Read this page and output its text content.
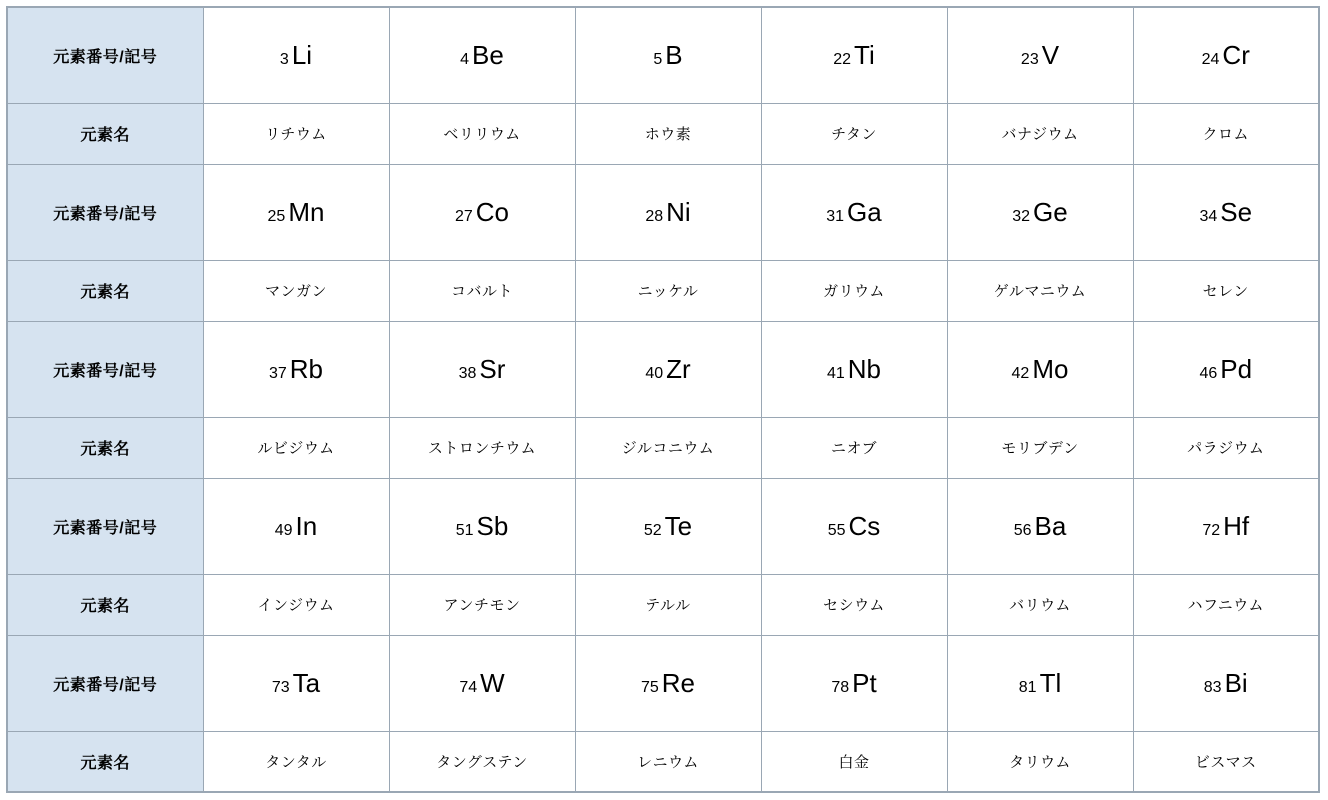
元素番号/記号	3 Li	4 Be	5 B	22 Ti	23 V	24 Cr
元素名	リチウム	ベリリウム	ホウ素	チタン	バナジウム	クロム
元素番号/記号	25 Mn	27 Co	28 Ni	31 Ga	32 Ge	34 Se
元素名	マンガン	コバルト	ニッケル	ガリウム	ゲルマニウム	セレン
元素番号/記号	37 Rb	38 Sr	40 Zr	41 Nb	42 Mo	46 Pd
元素名	ルビジウム	ストロンチウム	ジルコニウム	ニオブ	モリブデン	パラジウム
元素番号/記号	49 In	51 Sb	52 Te	55 Cs	56 Ba	72 Hf
元素名	インジウム	アンチモン	テルル	セシウム	バリウム	ハフニウム
元素番号/記号	73 Ta	74 W	75 Re	78 Pt	81 Tl	83 Bi
元素名	タンタル	タングステン	レニウム	白金	タリウム	ビスマス
